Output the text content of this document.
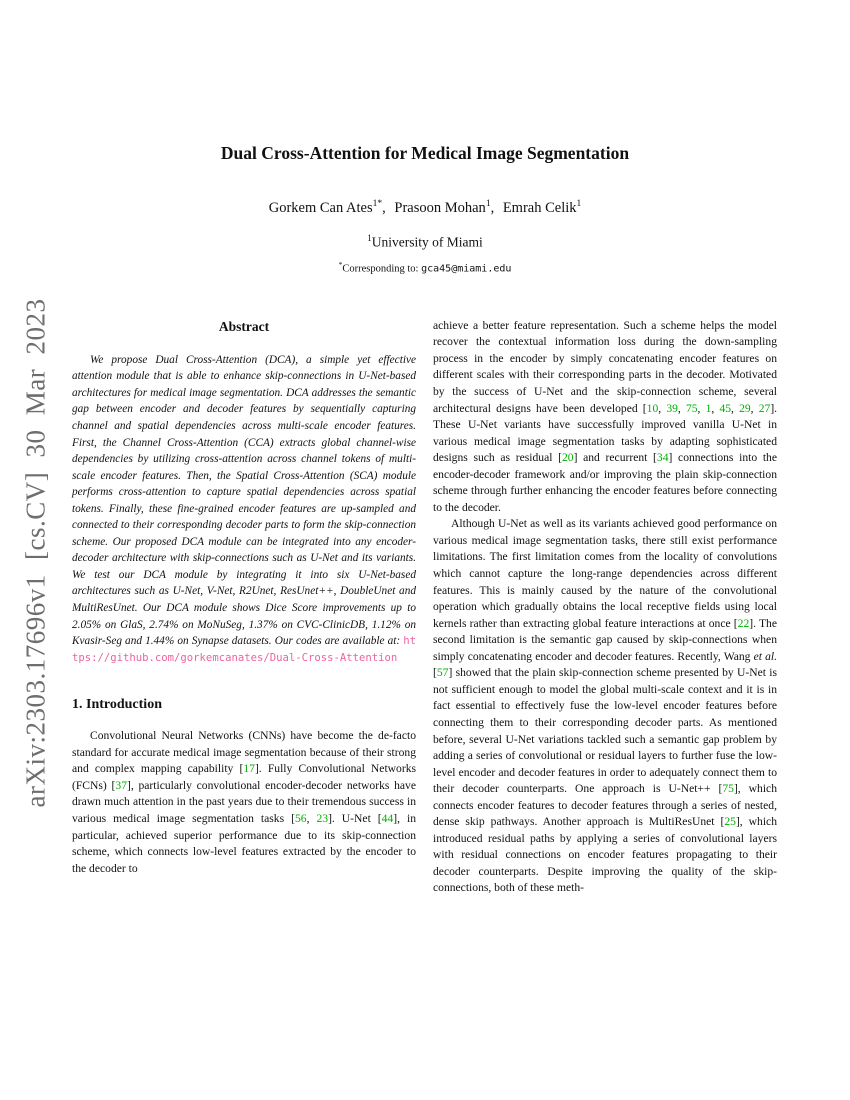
arXiv:2303.17696v1 [cs.CV] 30 Mar 2023
Dual Cross-Attention for Medical Image Segmentation
Gorkem Can Ates$^{1*}$, Prasoon Mohan$^1$, Emrah Celik$^1$
$^1$University of Miami
*Corresponding to: gca45@miami.edu
Abstract

We propose Dual Cross-Attention (DCA), a simple yet effective attention module that is able to enhance skip-connections in U-Net-based architectures for medical image segmentation. DCA addresses the semantic gap between encoder and decoder features by sequentially capturing channel and spatial dependencies across multi-scale encoder features. First, the Channel Cross-Attention (CCA) extracts global channel-wise dependencies by utilizing cross-attention across channel tokens of multi-scale encoder features. Then, the Spatial Cross-Attention (SCA) module performs cross-attention to capture spatial dependencies across spatial tokens. Finally, these fine-grained encoder features are up-sampled and connected to their corresponding decoder parts to form the skip-connection scheme. Our proposed DCA module can be integrated into any encoder-decoder architecture with skip-connections such as U-Net and its variants. We test our DCA module by integrating it into six U-Net-based architectures such as U-Net, V-Net, R2Unet, ResUnet++, DoubleUnet and MultiResUnet. Our DCA module shows Dice Score improvements up to 2.05% on GlaS, 2.74% on MoNuSeg, 1.37% on CVC-ClinicDB, 1.12% on Kvasir-Seg and 1.44% on Synapse datasets. Our codes are available at: https://github.com/gorkemcanates/Dual-Cross-Attention

1. Introduction

Convolutional Neural Networks (CNNs) have become the de-facto standard for accurate medical image segmentation because of their strong and complex mapping capability [17]. Fully Convolutional Networks (FCNs) [37], particularly convolutional encoder-decoder networks have drawn much attention in the past years due to their tremendous success in various medical image segmentation tasks [56, 23]. U-Net [44], in particular, achieved superior performance due to its skip-connection scheme, which connects low-level features extracted by the encoder to the decoder to

achieve a better feature representation. Such a scheme helps the model recover the contextual information loss during the down-sampling process in the encoder by simply concatenating encoder features on different scales with their corresponding parts in the decoder. Motivated by the success of U-Net and the skip-connection scheme, several architectural designs have been developed [10, 39, 75, 1, 45, 29, 27]. These U-Net variants have successfully improved vanilla U-Net in various medical image segmentation tasks by adapting sophisticated designs such as residual [20] and recurrent [34] connections into the encoder-decoder framework and/or improving the plain skip-connection scheme through further enhancing the encoder features before connecting to the decoder.

Although U-Net as well as its variants achieved good performance on various medical image segmentation tasks, there still exist performance limitations. The first limitation comes from the locality of convolutions which cannot capture the long-range dependencies across different features. This is mainly caused by the nature of the convolutional operation which gradually obtains the local receptive fields using local kernels rather than extracting global feature interactions at once [22]. The second limitation is the semantic gap caused by skip-connections when simply concatenating encoder and decoder features. Recently, Wang et al. [57] showed that the plain skip-connection scheme presented by U-Net is not sufficient enough to model the global multi-scale context and it is in fact essential to effectively fuse the low-level encoder features before connecting them to their corresponding decoder parts. As mentioned before, several U-Net variations tackled such a semantic gap problem by adding a series of convolutional or residual layers to further fuse the low-level encoder and decoder features in order to adequately connect them to their decoder counterparts. One approach is U-Net++ [75], which connects encoder features to decoder features through a series of nested, dense skip pathways. Another approach is MultiResUnet [25], which introduced residual paths by applying a series of convolutional layers with residual connections on encoder features propagating to their decoder counterparts. Despite improving the quality of the skip-connections, both of these meth-
